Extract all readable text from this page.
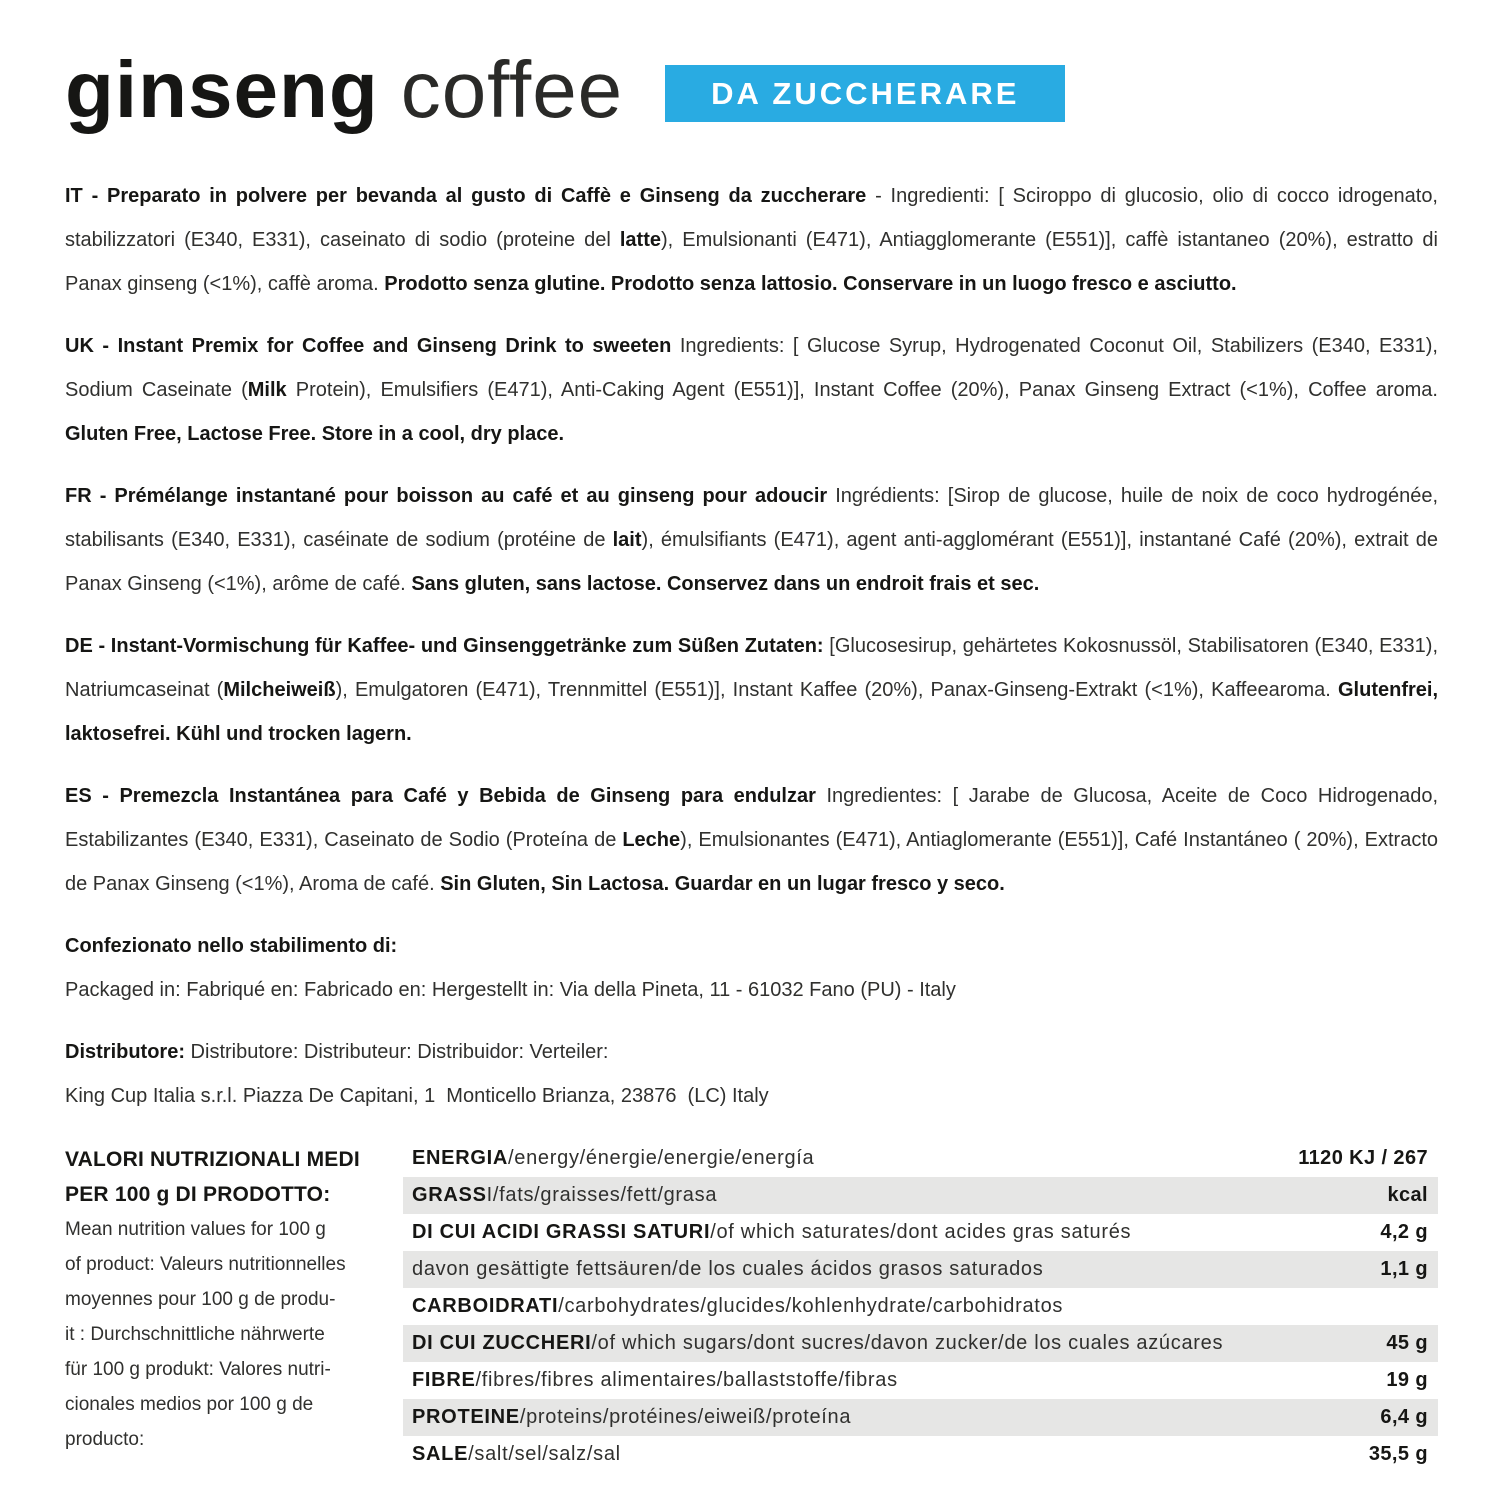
ginseng coffee	DA ZUCCHERARE
IT - Preparato in polvere per bevanda al gusto di Caffè e Ginseng da zuccherare - Ingredienti: [ Sciroppo di glucosio, olio di cocco idrogenato, stabilizzatori (E340, E331), caseinato di sodio (proteine del latte), Emulsionanti (E471), Antiagglomerante (E551)], caffè istantaneo (20%), estratto di Panax ginseng (<1%), caffè aroma. Prodotto senza glutine. Prodotto senza lattosio. Conservare in un luogo fresco e asciutto.
UK - Instant Premix for Coffee and Ginseng Drink to sweeten Ingredients: [ Glucose Syrup, Hydrogenated Coconut Oil, Stabilizers (E340, E331), Sodium Caseinate (Milk Protein), Emulsifiers (E471), Anti-Caking Agent (E551)], Instant Coffee (20%), Panax Ginseng Extract (<1%), Coffee aroma. Gluten Free, Lactose Free. Store in a cool, dry place.
FR - Prémélange instantané pour boisson au café et au ginseng pour adoucir Ingrédients: [Sirop de glucose, huile de noix de coco hydrogénée, stabilisants (E340, E331), caséinate de sodium (protéine de lait), émulsifiants (E471), agent anti-agglomérant (E551)], instantané Café (20%), extrait de Panax Ginseng (<1%), arôme de café. Sans gluten, sans lactose. Conservez dans un endroit frais et sec.
DE - Instant-Vormischung für Kaffee- und Ginsenggetränke zum Süßen Zutaten: [Glucosesirup, gehärtetes Kokosnussöl, Stabilisatoren (E340, E331), Natriumcaseinat (Milcheiweiß), Emulgatoren (E471), Trennmittel (E551)], Instant Kaffee (20%), Panax-Ginseng-Extrakt (<1%), Kaffeearoma. Glutenfrei, laktosefrei. Kühl und trocken lagern.
ES - Premezcla Instantánea para Café y Bebida de Ginseng para endulzar Ingredientes: [ Jarabe de Glucosa, Aceite de Coco Hidrogenado, Estabilizantes (E340, E331), Caseinato de Sodio (Proteína de Leche), Emulsionantes (E471), Antiaglomerante (E551)], Café Instantáneo ( 20%), Extracto de Panax Ginseng (<1%), Aroma de café. Sin Gluten, Sin Lactosa. Guardar en un lugar fresco y seco.
Confezionato nello stabilimento di:
Packaged in: Fabriqué en: Fabricado en: Hergestellt in: Via della Pineta, 11 - 61032 Fano (PU) - Italy
Distributore: Distributore: Distributeur: Distribuidor: Verteiler:
King Cup Italia s.r.l. Piazza De Capitani, 1  Monticello Brianza, 23876  (LC) Italy
VALORI NUTRIZIONALI MEDI
PER 100 g DI PRODOTTO:
Mean nutrition values for 100 g
of product: Valeurs nutritionnelles
moyennes pour 100 g de produ-
it : Durchschnittliche nährwerte
für 100 g produkt: Valores nutri-
cionales medios por 100 g de
producto:
ENERGIA/energy/énergie/energie/energía	1120 KJ / 267
GRASSI/fats/graisses/fett/grasa	kcal
DI CUI ACIDI GRASSI SATURI/of which saturates/dont acides gras saturés	4,2 g
davon gesättigte fettsäuren/de los cuales ácidos grasos saturados	1,1 g
CARBOIDRATI/carbohydrates/glucides/kohlenhydrate/carbohidratos
DI CUI ZUCCHERI/of which sugars/dont sucres/davon zucker/de los cuales azúcares	45 g
FIBRE/fibres/fibres alimentaires/ballaststoffe/fibras	19 g
PROTEINE/proteins/protéines/eiweiß/proteína	6,4 g
SALE/salt/sel/salz/sal	35,5 g
